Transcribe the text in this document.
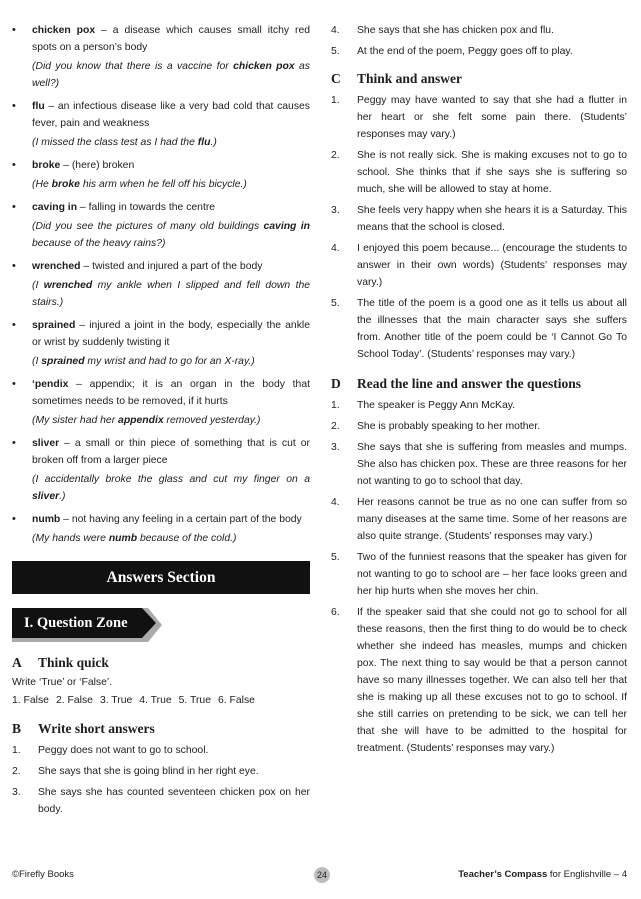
• chicken pox – a disease which causes small itchy red spots on a person’s body
(Did you know that there is a vaccine for chicken pox as well?)
• flu – an infectious disease like a very bad cold that causes fever, pain and weakness
(I missed the class test as I had the flu.)
• broke – (here) broken
(He broke his arm when he fell off his bicycle.)
• caving in – falling in towards the centre
(Did you see the pictures of many old buildings caving in because of the heavy rains?)
• wrenched – twisted and injured a part of the body
(I wrenched my ankle when I slipped and fell down the stairs.)
• sprained – injured a joint in the body, especially the ankle or wrist by suddenly twisting it
(I sprained my wrist and had to go for an X-ray.)
• ‘pendix – appendix; it is an organ in the body that sometimes needs to be removed, if it hurts
(My sister had her appendix removed yesterday.)
• sliver – a small or thin piece of something that is cut or broken off from a larger piece
(I accidentally broke the glass and cut my finger on a sliver.)
• numb – not having any feeling in a certain part of the body
(My hands were numb because of the cold.)
Answers Section
I. Question Zone
A	Think quick
Write ‘True’ or ‘False’.
1. False 2. False 3. True 4. True 5. True 6. False
B	Write short answers
1.	Peggy does not want to go to school.
2.	She says that she is going blind in her right eye.
3.	She says she has counted seventeen chicken pox on her body.
4.	She says that she has chicken pox and flu.
5.	At the end of the poem, Peggy goes off to play.
C	Think and answer
1.	Peggy may have wanted to say that she had a flutter in her heart or she felt some pain there. (Students’ responses may vary.)
2.	She is not really sick. She is making excuses not to go to school. She thinks that if she says she is suffering so much, she will be allowed to stay at home.
3.	She feels very happy when she hears it is a Saturday. This means that the school is closed.
4.	I enjoyed this poem because... (encourage the students to answer in their own words) (Students’ responses may vary.)
5.	The title of the poem is a good one as it tells us about all the illnesses that the main character says she suffers from. Another title of the poem could be ‘I Cannot Go To School Today’. (Students’ responses may vary.)
D	Read the line and answer the questions
1.	The speaker is Peggy Ann McKay.
2.	She is probably speaking to her mother.
3.	She says that she is suffering from measles and mumps. She also has chicken pox. These are three reasons for her not wanting to go to school that day.
4.	Her reasons cannot be true as no one can suffer from so many diseases at the same time. Some of her reasons are also quite strange. (Students’ responses may vary.)
5.	Two of the funniest reasons that the speaker has given for not wanting to go to school are – her face looks green and her hip hurts when she moves her chin.
6.	If the speaker said that she could not go to school for all these reasons, then the first thing to do would be to check whether she indeed has measles, mumps and chicken pox. The next thing to say would be that a person cannot have so many illnesses together. We can also tell her that she is making up all these excuses not to go to school. If she still carries on pretending to be sick, we can tell her that she will have to be admitted to the hospital for treatment. (Students’ responses may vary.)
©Firefly Books	24	Teacher’s Compass for Englishville – 4
